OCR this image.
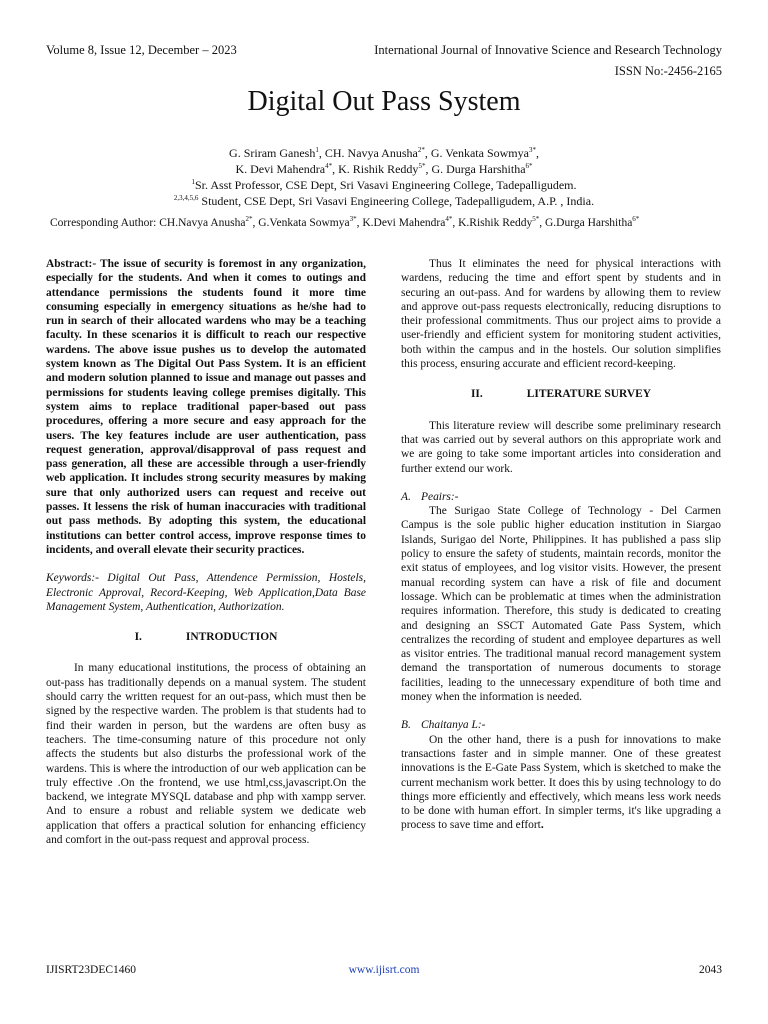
Volume 8, Issue 12, December – 2023	International Journal of Innovative Science and Research Technology
ISSN No:-2456-2165
Digital Out Pass System
G. Sriram Ganesh$^1$, CH. Navya Anusha$^{2*}$, G. Venkata Sowmya$^{3*}$,
K. Devi Mahendra$^{4*}$, K. Rishik Reddy$^{5*}$, G. Durga Harshitha$^{6*}$
$^1$Sr. Asst Professor, CSE Dept, Sri Vasavi Engineering College, Tadepalligudem.
$^{2,3,4,5,6}$ Student, CSE Dept, Sri Vasavi Engineering College, Tadepalligudem, A.P. , India.
Corresponding Author: CH.Navya Anusha$^{2*}$, G.Venkata Sowmya$^{3*}$, K.Devi Mahendra$^{4*}$, K.Rishik Reddy$^{5*}$, G.Durga Harshitha$^{6*}$

Abstract:- The issue of security is foremost in any organization, especially for the students. And when it comes to outings and attendance permissions the students found it more time consuming especially in emergency situations as he/she had to run in search of their allocated wardens who may be a teaching faculty. In these scenarios it is difficult to reach our respective wardens. The above issue pushes us to develop the automated system known as The Digital Out Pass System. It is an efficient and modern solution planned to issue and manage out passes and permissions for students leaving college premises digitally. This system aims to replace traditional paper-based out pass procedures, offering a more secure and easy approach for the users. The key features include are user authentication, pass request generation, approval/disapproval of pass request and pass generation, all these are accessible through a user-friendly web application. It includes strong security measures by making sure that only authorized users can request and receive out passes. It lessens the risk of human inaccuracies with traditional out pass methods. By adopting this system, the educational institutions can better control access, improve response times to incidents, and overall elevate their security practices.

Keywords:- Digital Out Pass, Attendence Permission, Hostels, Electronic Approval, Record-Keeping, Web Application,Data Base Management System, Authentication, Authorization.

I.	INTRODUCTION

In many educational institutions, the process of obtaining an out-pass has traditionally depends on a manual system. The student should carry the written request for an out-pass, which must then be signed by the respective warden. The problem is that students had to find their warden in person, but the wardens are often busy as teachers. The time-consuming nature of this procedure not only affects the students but also disturbs the professional work of the wardens. This is where the introduction of our web application can be truly effective .On the frontend, we use html,css,javascript.On the backend, we integrate MYSQL database and php with xampp server. And to ensure a robust and reliable system we dedicate web application that offers a practical solution for enhancing efficiency and comfort in the out-pass request and approval process.

Thus It eliminates the need for physical interactions with wardens, reducing the time and effort spent by students and in securing an out-pass. And for wardens by allowing them to review and approve out-pass requests electronically, reducing disruptions to their professional commitments. Thus our project aims to provide a user-friendly and efficient system for monitoring student activities, both within the campus and in the hostels. Our solution simplifies this process, ensuring accurate and efficient record-keeping.

II.	LITERATURE SURVEY

This literature review will describe some preliminary research that was carried out by several authors on this appropriate work and we are going to take some important articles into consideration and further extend our work.

A. Peairs:-

The Surigao State College of Technology - Del Carmen Campus is the sole public higher education institution in Siargao Islands, Surigao del Norte, Philippines. It has published a pass slip policy to ensure the safety of students, maintain records, monitor the exit status of employees, and log visitor visits. However, the present manual recording system can have a risk of file and document lossage. Which can be problematic at times when the administration requires information. Therefore, this study is dedicated to creating and designing an SSCT Automated Gate Pass System, which centralizes the recording of student and employee departures as well as visitor entries. The traditional manual record management system demand the transportation of numerous documents to storage facilities, leading to the unnecessary expenditure of both time and money when the information is needed.

B. Chaitanya L:-

On the other hand, there is a push for innovations to make transactions faster and in simple manner. One of these greatest innovations is the E-Gate Pass System, which is sketched to make the current mechanism work better. It does this by using technology to do things more efficiently and effectively, which means less work needs to be done with human effort. In simpler terms, it's like upgrading a process to save time and effort.

IJISRT23DEC1460	www.ijisrt.com	2043
